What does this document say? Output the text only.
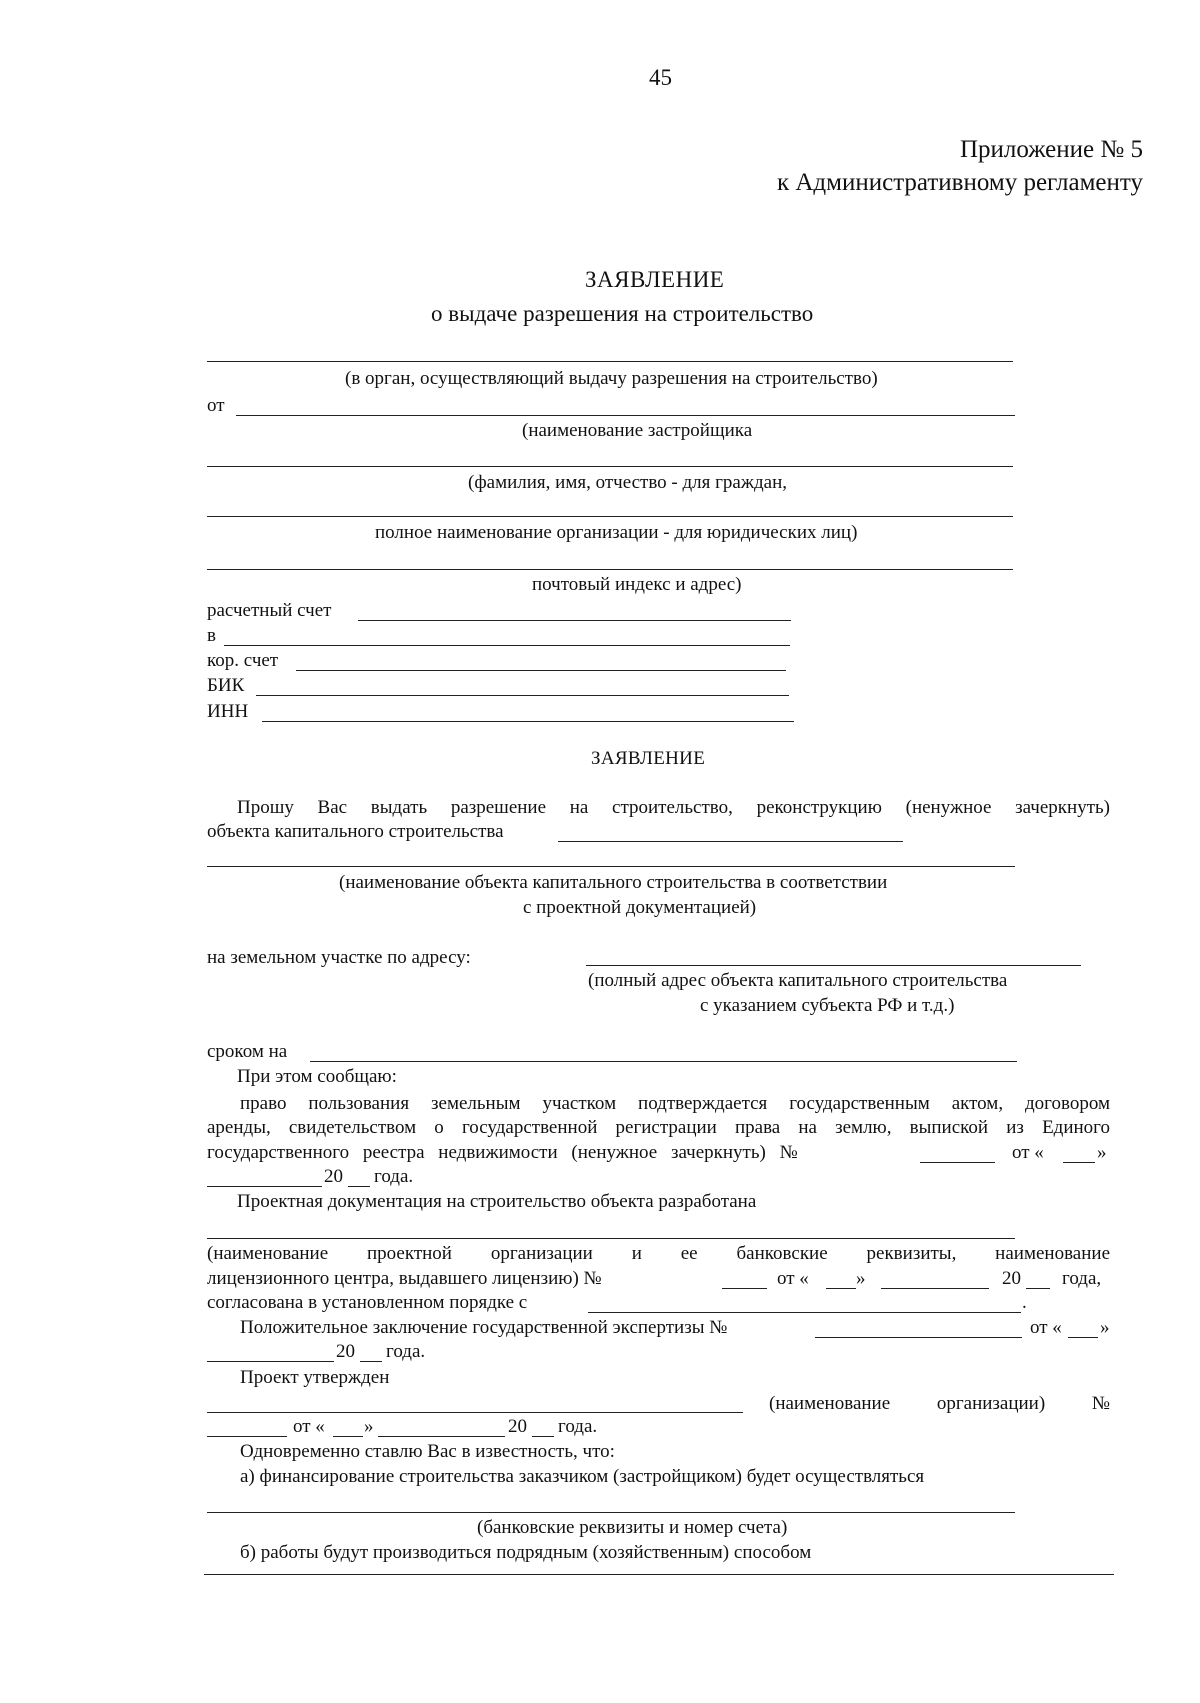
45
Приложение № 5
к Административному регламенту
ЗАЯВЛЕНИЕ
о выдаче разрешения на строительство
(в орган, осуществляющий выдачу разрешения на строительство)
от
(наименование застройщика
(фамилия, имя, отчество - для граждан,
полное наименование организации - для юридических лиц)
почтовый индекс и адрес)
расчетный счет
в
кор. счет
БИК
ИНН
ЗАЯВЛЕНИЕ
Прошу Вас выдать разрешение на строительство, реконструкцию (ненужное зачеркнуть)
объекта капитального строительства
(наименование объекта капитального строительства в соответствии
с проектной документацией)
на земельном участке по адресу:
(полный адрес объекта капитального строительства
с указанием субъекта РФ и т.д.)
сроком на
При этом сообщаю:
право пользования земельным участком подтверждается государственным актом, договором
аренды, свидетельством о государственной регистрации права на землю, выпиской из Единого
государственного реестра недвижимости (ненужное зачеркнуть) №	от «	»
20 года.
Проектная документация на строительство объекта разработана
(наименование проектной организации и ее банковские реквизиты, наименование
лицензионного центра, выдавшего лицензию) №	от « »	20 года,
согласована в установленном порядке с	.
Положительное заключение государственной экспертизы №	от « »
20 года.
Проект утвержден
(наименование организации) №
от « »	20 года.
Одновременно ставлю Вас в известность, что:
а) финансирование строительства заказчиком (застройщиком) будет осуществляться
(банковские реквизиты и номер счета)
б) работы будут производиться подрядным (хозяйственным) способом
